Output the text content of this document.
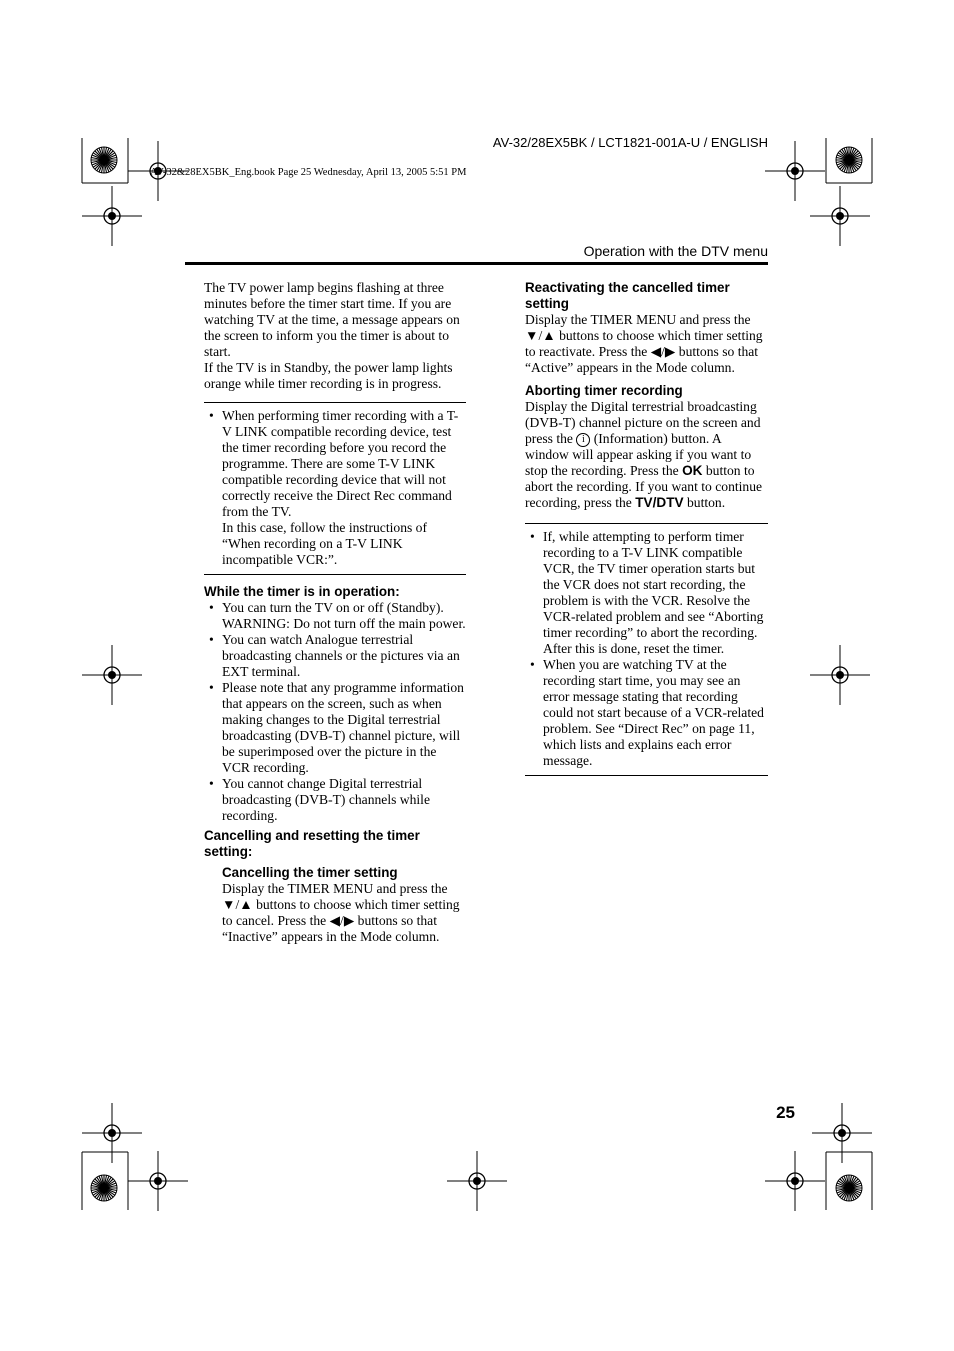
AV-32/28EX5BK / LCT1821-001A-U / ENGLISH
AV-32&28EX5BK_Eng.book Page 25 Wednesday, April 13, 2005 5:51 PM
Operation with the DTV menu

The TV power lamp begins flashing at three minutes before the timer start time. If you are watching TV at the time, a message appears on the screen to inform you the timer is about to start.

If the TV is in Standby, the power lamp lights orange while timer recording is in progress.

• When performing timer recording with a T-V LINK compatible recording device, test the timer recording before you record the programme. There are some T-V LINK compatible recording device that will not correctly receive the Direct Rec command from the TV.
In this case, follow the instructions of “When recording on a T-V LINK incompatible VCR:”.

While the timer is in operation:

• You can turn the TV on or off (Standby). WARNING: Do not turn off the main power.
• You can watch Analogue terrestrial broadcasting channels or the pictures via an EXT terminal.
• Please note that any programme information that appears on the screen, such as when making changes to the Digital terrestrial broadcasting (DVB-T) channel picture, will be superimposed over the picture in the VCR recording.
• You cannot change Digital terrestrial broadcasting (DVB-T) channels while recording.

Cancelling and resetting the timer setting:

Cancelling the timer setting

Display the TIMER MENU and press the ▼/▲ buttons to choose which timer setting to cancel. Press the ◀/▶ buttons so that “Inactive” appears in the Mode column.

Reactivating the cancelled timer setting

Display the TIMER MENU and press the ▼/▲ buttons to choose which timer setting to reactivate. Press the ◀/▶ buttons so that “Active” appears in the Mode column.

Aborting timer recording

Display the Digital terrestrial broadcasting (DVB-T) channel picture on the screen and press the i (Information) button. A window will appear asking if you want to stop the recording. Press the OK button to abort the recording. If you want to continue recording, press the TV/DTV button.

• If, while attempting to perform timer recording to a T-V LINK compatible VCR, the TV timer operation starts but the VCR does not start recording, the problem is with the VCR. Resolve the VCR-related problem and see “Aborting timer recording” to abort the recording. After this is done, reset the timer.
• When you are watching TV at the recording start time, you may see an error message stating that recording could not start because of a VCR-related problem. See “Direct Rec” on page 11, which lists and explains each error message.
25
